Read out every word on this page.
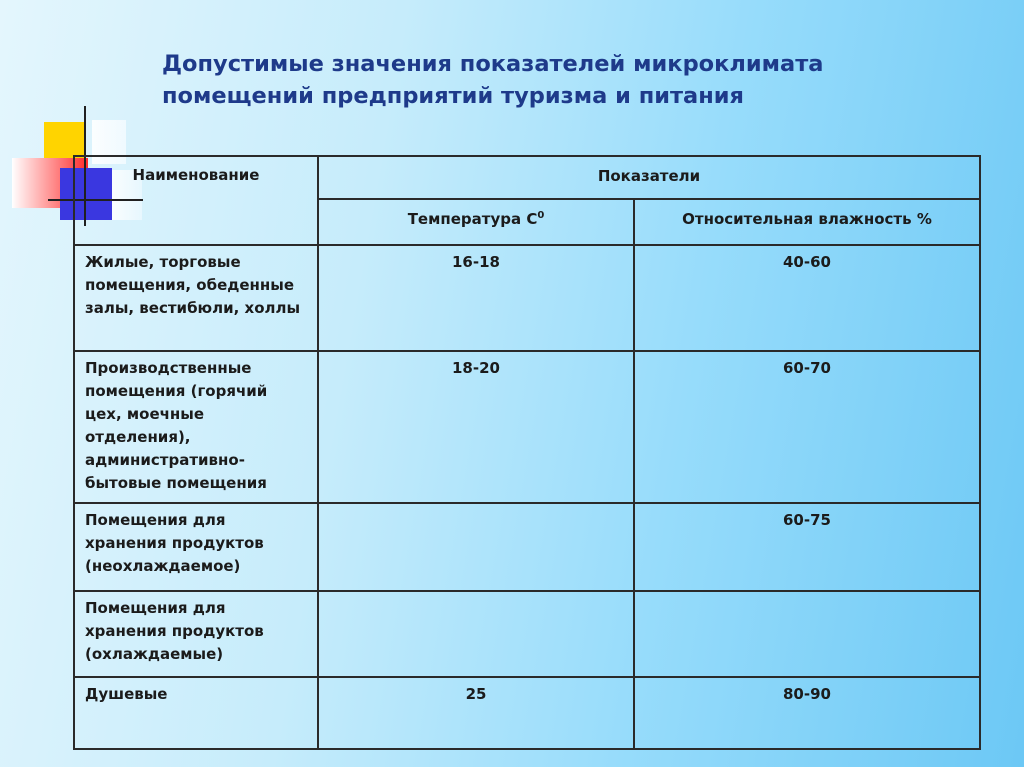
Допустимые значения показателей микроклимата
помещений предприятий туризма и питания
Наименование	Показатели	
	Температура $С^0$	Относительная влажность %
Жилые, торговые помещения, обеденные залы, вестибюли, холлы	16-18	40-60
Производственные помещения (горячий цех, моечные отделения), административно-бытовые помещения	18-20	60-70
Помещения для хранения продуктов (неохлаждаемое)		60-75
Помещения для хранения продуктов (охлаждаемые)		
Душевые	25	80-90
